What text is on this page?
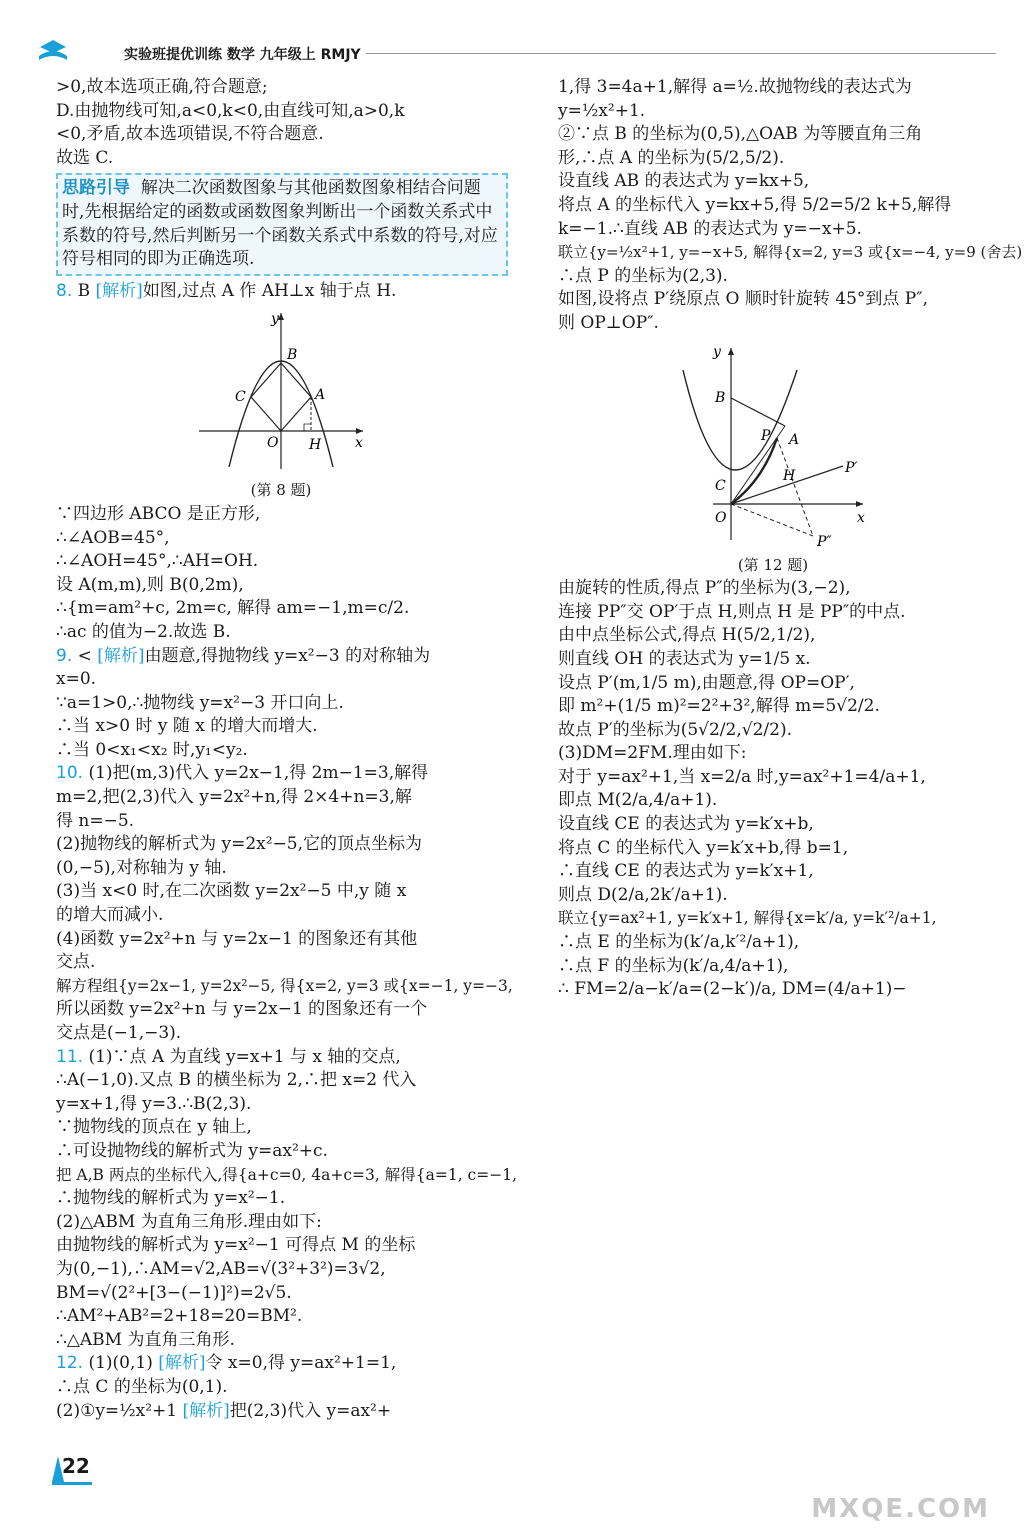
实验班提优训练 数学 九年级上 RMJY

>0,故本选项正确,符合题意;

D.由抛物线可知,a<0,k<0,由直线可知,a>0,k

<0,矛盾,故本选项错误,不符合题意.

故选 C.

思路引导 解决二次函数图象与其他函数图象相结合问题时,先根据给定的函数或函数图象判断出一个函数关系式中系数的符号,然后判断另一个函数关系式中系数的符号,对应符号相同的即为正确选项.

8. B [解析]如图,过点 A 作 AH⊥x 轴于点 H.

y
x
B
C	A
O H

(第 8 题)

∵四边形 ABCO 是正方形,

∴∠AOB=45°,

∴∠AOH=45°,∴AH=OH.

设 A(m,m),则 B(0,2m),

∴{m=am²+c, 2m=c, 解得 am=−1,m=c/2.

∴ac 的值为−2.故选 B.

9. < [解析]由题意,得抛物线 y=x²−3 的对称轴为

x=0.

∵a=1>0,∴抛物线 y=x²−3 开口向上.

∴当 x>0 时 y 随 x 的增大而增大.

∴当 0<x₁<x₂ 时,y₁<y₂.

10. (1)把(m,3)代入 y=2x−1,得 2m−1=3,解得

m=2,把(2,3)代入 y=2x²+n,得 2×4+n=3,解

得 n=−5.

(2)抛物线的解析式为 y=2x²−5,它的顶点坐标为

(0,−5),对称轴为 y 轴.

(3)当 x<0 时,在二次函数 y=2x²−5 中,y 随 x

的增大而减小.

(4)函数 y=2x²+n 与 y=2x−1 的图象还有其他

交点.

解方程组{y=2x−1, y=2x²−5, 得{x=2, y=3 或{x=−1, y=−3,

所以函数 y=2x²+n 与 y=2x−1 的图象还有一个

交点是(−1,−3).

11. (1)∵点 A 为直线 y=x+1 与 x 轴的交点,

∴A(−1,0).又点 B 的横坐标为 2,∴把 x=2 代入

y=x+1,得 y=3.∴B(2,3).

∵抛物线的顶点在 y 轴上,

∴可设抛物线的解析式为 y=ax²+c.

把 A,B 两点的坐标代入,得{a+c=0, 4a+c=3, 解得{a=1, c=−1,

∴抛物线的解析式为 y=x²−1.

(2)△ABM 为直角三角形.理由如下:

由抛物线的解析式为 y=x²−1 可得点 M 的坐标

为(0,−1),∴AM=√2,AB=√(3²+3²)=3√2,

BM=√(2²+[3−(−1)]²)=2√5.

∴AM²+AB²=2+18=20=BM².

∴△ABM 为直角三角形.

12. (1)(0,1) [解析]令 x=0,得 y=ax²+1=1,

∴点 C 的坐标为(0,1).

(2)①y=½x²+1 [解析]把(2,3)代入 y=ax²+

1,得 3=4a+1,解得 a=½.故抛物线的表达式为

y=½x²+1.

②∵点 B 的坐标为(0,5),△OAB 为等腰直角三角

形,∴点 A 的坐标为(5/2,5/2).

设直线 AB 的表达式为 y=kx+5,

将点 A 的坐标代入 y=kx+5,得 5/2=5/2 k+5,解得

k=−1.∴直线 AB 的表达式为 y=−x+5.

联立{y=½x²+1, y=−x+5, 解得{x=2, y=3 或{x=−4, y=9 (舍去)

∴点 P 的坐标为(2,3).

如图,设将点 P′绕原点 O 顺时针旋转 45°到点 P″,

则 OP⊥OP″.

y
x
B
P A
P′
H
C
O
P″

(第 12 题)

由旋转的性质,得点 P″的坐标为(3,−2),

连接 PP″交 OP′于点 H,则点 H 是 PP″的中点.

由中点坐标公式,得点 H(5/2,1/2),

则直线 OH 的表达式为 y=1/5 x.

设点 P′(m,1/5 m),由题意,得 OP=OP′,

即 m²+(1/5 m)²=2²+3²,解得 m=5√2/2.

故点 P′的坐标为(5√2/2,√2/2).

(3)DM=2FM.理由如下:

对于 y=ax²+1,当 x=2/a 时,y=ax²+1=4/a+1,

即点 M(2/a,4/a+1).

设直线 CE 的表达式为 y=k′x+b,

将点 C 的坐标代入 y=k′x+b,得 b=1,

∴直线 CE 的表达式为 y=k′x+1,

则点 D(2/a,2k′/a+1).

联立{y=ax²+1, y=k′x+1, 解得{x=k′/a, y=k′²/a+1,

∴点 E 的坐标为(k′/a,k′²/a+1),

∴点 F 的坐标为(k′/a,4/a+1),

∴ FM=2/a−k′/a=(2−k′)/a, DM=(4/a+1)−

22
MXQE.COM
